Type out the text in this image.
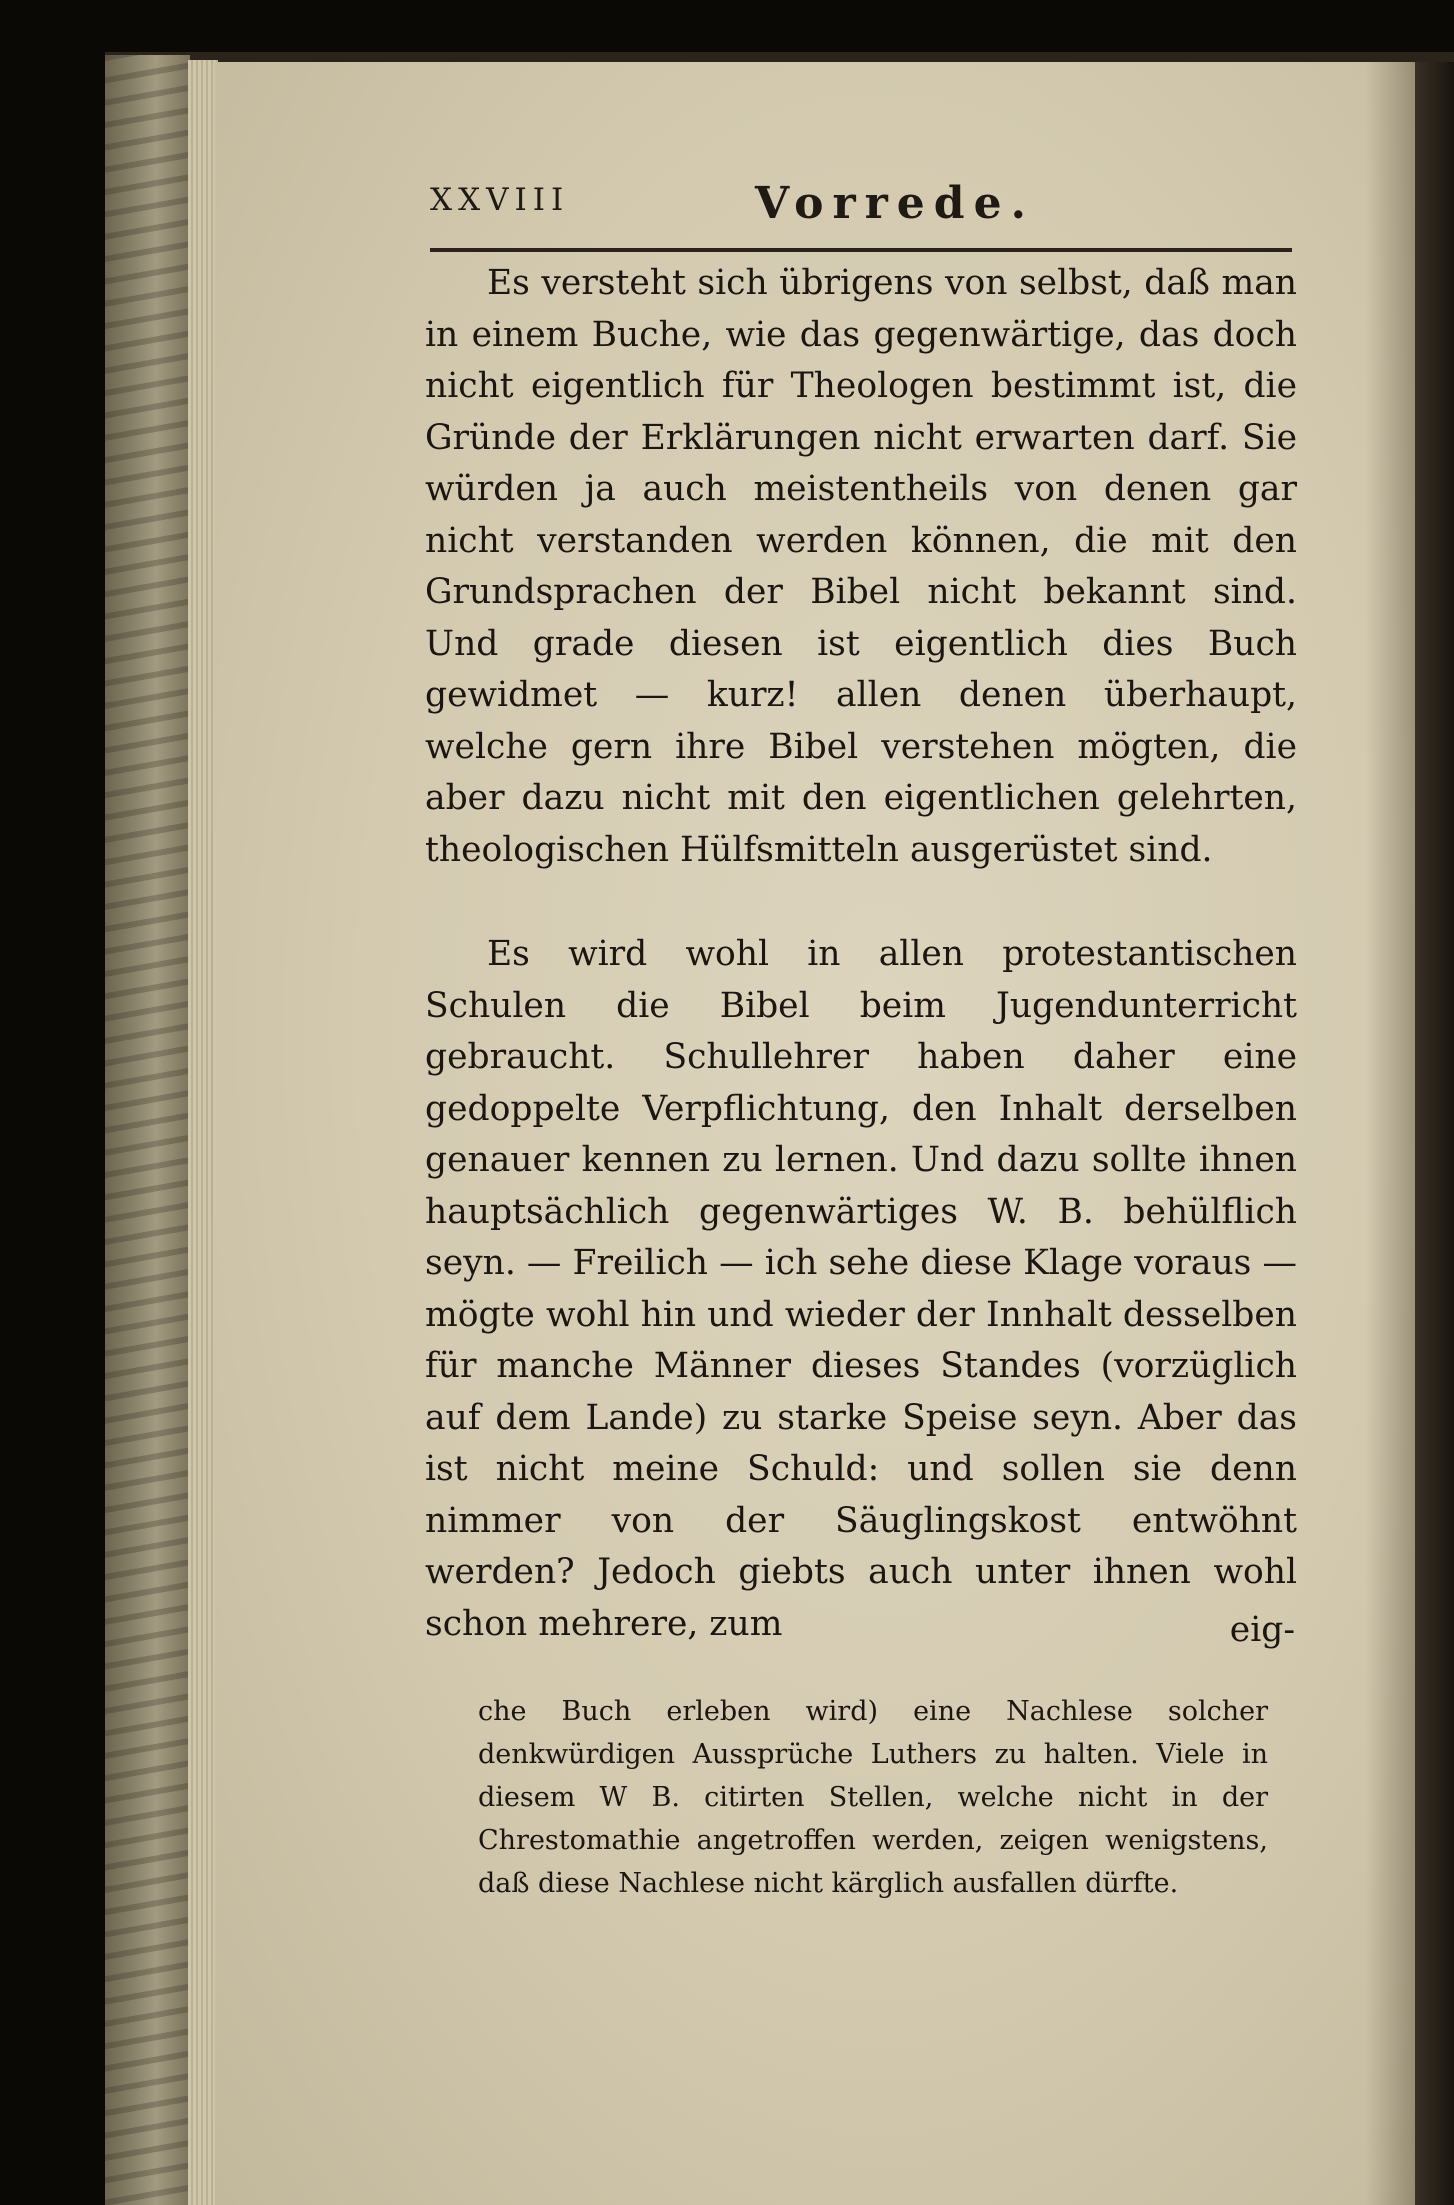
XXVIII	Vorrede.

Es versteht sich übrigens von selbst, daß man in einem Buche, wie das gegenwärtige, das doch nicht eigentlich für Theologen bestimmt ist, die Gründe der Erklärungen nicht erwarten darf. Sie würden ja auch meistentheils von denen gar nicht verstanden werden können, die mit den Grundsprachen der Bibel nicht bekannt sind. Und grade diesen ist eigentlich dies Buch gewidmet — kurz! allen denen überhaupt, welche gern ihre Bibel verstehen mögten, die aber dazu nicht mit den eigentlichen gelehrten, theologischen Hülfsmitteln ausgerüstet sind.

Es wird wohl in allen protestantischen Schulen die Bibel beim Jugendunterricht gebraucht. Schullehrer haben daher eine gedoppelte Verpflichtung, den Inhalt derselben genauer kennen zu lernen. Und dazu sollte ihnen hauptsächlich gegenwärtiges W. B. behülflich seyn. — Freilich — ich sehe diese Klage voraus — mögte wohl hin und wieder der Innhalt desselben für manche Männer dieses Standes (vorzüglich auf dem Lande) zu starke Speise seyn. Aber das ist nicht meine Schuld: und sollen sie denn nimmer von der Säuglingskost entwöhnt werden? Jedoch giebts auch unter ihnen wohl schon mehrere, zum	eig-

che Buch erleben wird) eine Nachlese solcher denkwürdigen Aussprüche Luthers zu halten. Viele in diesem W B. citirten Stellen, welche nicht in der Chrestomathie angetroffen werden, zeigen wenigstens, daß diese Nachlese nicht kärglich ausfallen dürfte.
